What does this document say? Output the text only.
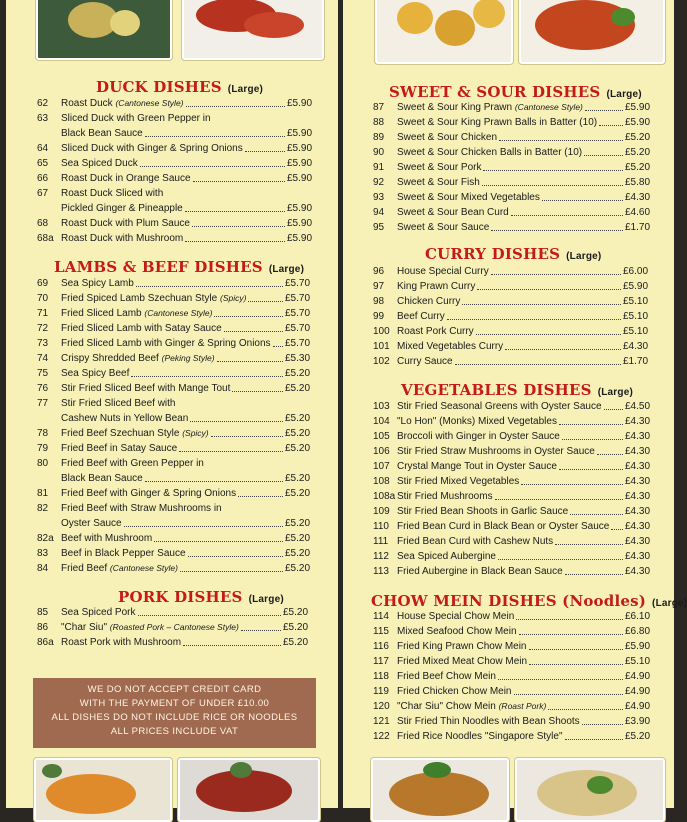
DUCK DISHES (Large)
62	Roast Duck (Cantonese Style)	£5.90
63	Sliced Duck with Green Pepper in
Black Bean Sauce	£5.90
64	Sliced Duck with Ginger & Spring Onions	£5.90
65	Sea Spiced Duck	£5.90
66	Roast Duck in Orange Sauce	£5.90
67	Roast Duck Sliced with
Pickled Ginger & Pineapple	£5.90
68	Roast Duck with Plum Sauce	£5.90
68a Roast Duck with Mushroom	£5.90
LAMBS & BEEF DISHES (Large)
69	Sea Spicy Lamb	£5.70
70	Fried Spiced Lamb Szechuan Style (Spicy)	£5.70
71	Fried Sliced Lamb (Cantonese Style)	£5.70
72	Fried Sliced Lamb with Satay Sauce	£5.70
73	Fried Sliced Lamb with Ginger & Spring Onions £5.70
74	Crispy Shredded Beef (Peking Style)	£5.30
75	Sea Spicy Beef	£5.20
76	Stir Fried Sliced Beef with Mange Tout	£5.20
77	Stir Fried Sliced Beef with
Cashew Nuts in Yellow Bean	£5.20
78	Fried Beef Szechuan Style (Spicy)	£5.20
79	Fried Beef in Satay Sauce	£5.20
80	Fried Beef with Green Pepper in
Black Bean Sauce	£5.20
81	Fried Beef with Ginger & Spring Onions	£5.20
82	Fried Beef with Straw Mushrooms in
Oyster Sauce	£5.20
82a Beef with Mushroom	£5.20
83	Beef in Black Pepper Sauce	£5.20
84	Fried Beef (Cantonese Style)	£5.20
PORK DISHES (Large)
85	Sea Spiced Pork	£5.20
86	"Char Siu" (Roasted Pork – Cantonese Style)	£5.20
86a Roast Pork with Mushroom	£5.20
WE DO NOT ACCEPT CREDIT CARD
WITH THE PAYMENT OF UNDER £10.00
ALL DISHES DO NOT INCLUDE RICE OR NOODLES
ALL PRICES INCLUDE VAT
SWEET & SOUR DISHES (Large)
87	Sweet & Sour King Prawn (Cantonese Style)	£5.90
88	Sweet & Sour King Prawn Balls in Batter (10)	£5.90
89	Sweet & Sour Chicken	£5.20
90	Sweet & Sour Chicken Balls in Batter (10)	£5.20
91	Sweet & Sour Pork	£5.20
92	Sweet & Sour Fish	£5.80
93	Sweet & Sour Mixed Vegetables	£4.30
94	Sweet & Sour Bean Curd	£4.60
95	Sweet & Sour Sauce	£1.70
CURRY DISHES (Large)
96	House Special Curry	£6.00
97	King Prawn Curry	£5.90
98	Chicken Curry	£5.10
99	Beef Curry	£5.10
100 Roast Pork Curry	£5.10
101 Mixed Vegetables Curry	£4.30
102 Curry Sauce	£1.70
VEGETABLES DISHES (Large)
103 Stir Fried Seasonal Greens with Oyster Sauce £4.50
104 "Lo Hon" (Monks) Mixed Vegetables	£4.30
105 Broccoli with Ginger in Oyster Sauce	£4.30
106 Stir Fried Straw Mushrooms in Oyster Sauce	£4.30
107 Crystal Mange Tout in Oyster Sauce	£4.30
108 Stir Fried Mixed Vegetables	£4.30
108a Stir Fried Mushrooms	£4.30
109 Stir Fried Bean Shoots in Garlic Sauce	£4.30
110 Fried Bean Curd in Black Bean or Oyster Sauce £4.30
111 Fried Bean Curd with Cashew Nuts	£4.30
112 Sea Spiced Aubergine	£4.30
113 Fried Aubergine in Black Bean Sauce	£4.30
CHOW MEIN DISHES (Noodles) (Large)
114 House Special Chow Mein	£6.10
115 Mixed Seafood Chow Mein	£6.80
116 Fried King Prawn Chow Mein	£5.90
117 Fried Mixed Meat Chow Mein	£5.10
118 Fried Beef Chow Mein	£4.90
119 Fried Chicken Chow Mein	£4.90
120 "Char Siu" Chow Mein (Roast Pork)	£4.90
121 Stir Fried Thin Noodles with Bean Shoots	£3.90
122 Fried Rice Noodles "Singapore Style"	£5.20
